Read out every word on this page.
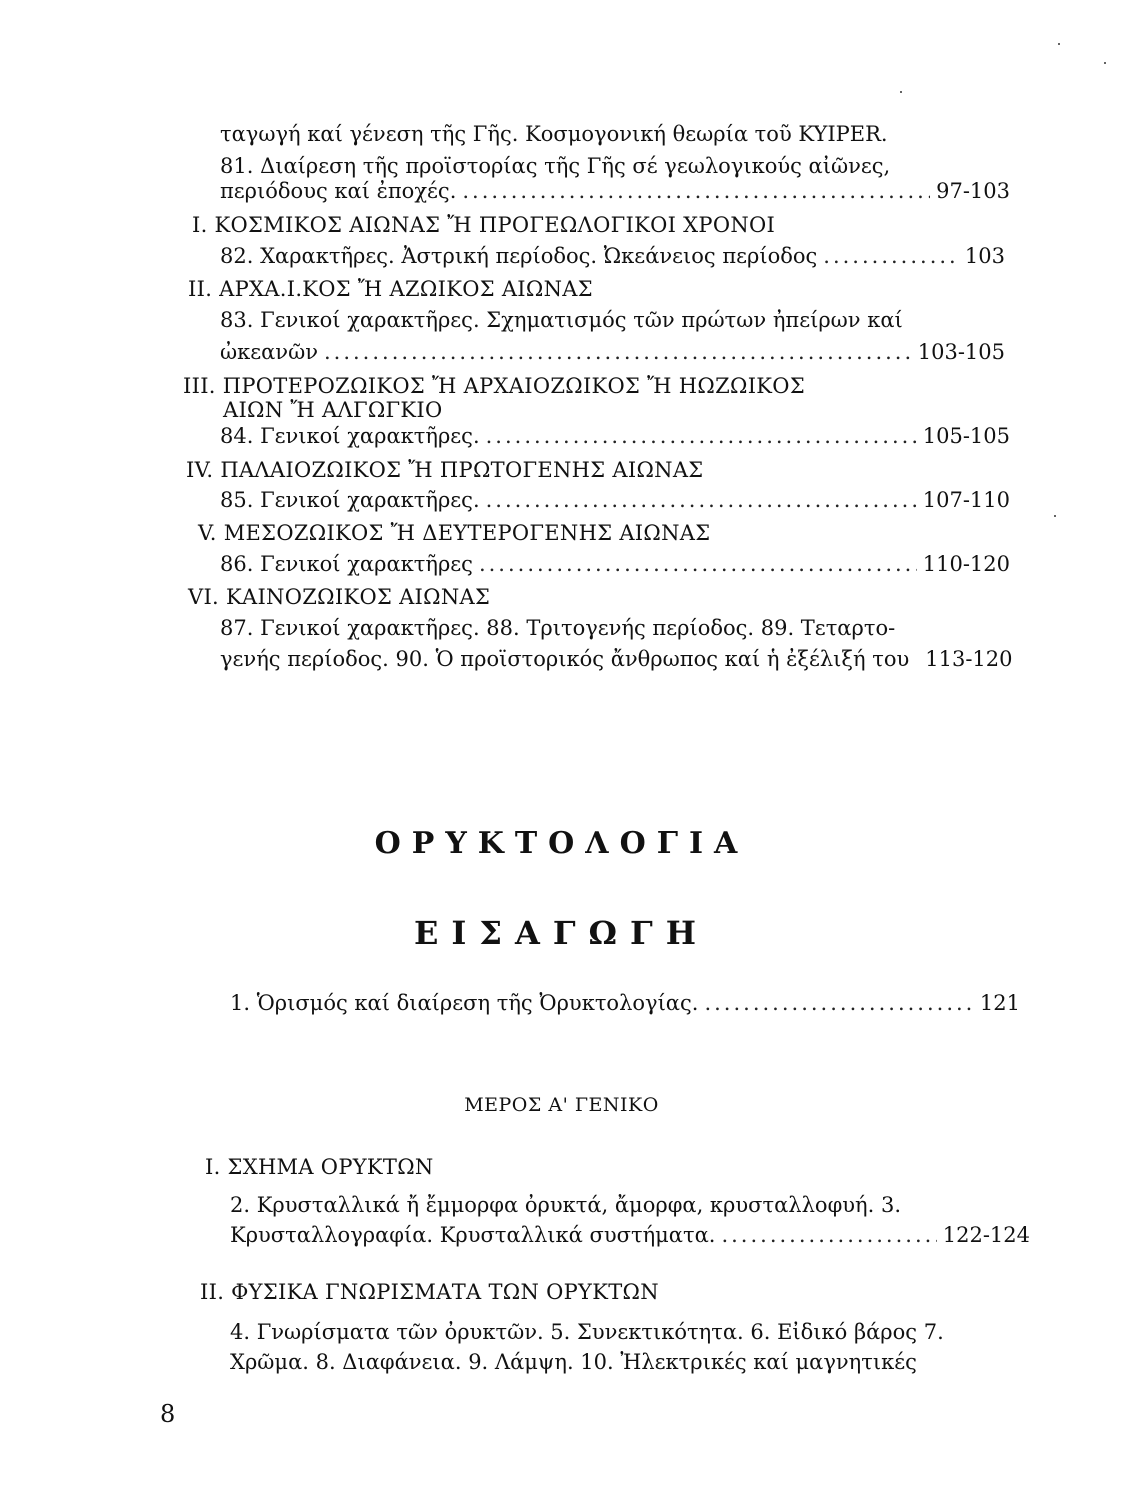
ταγωγή καί γένεση τῆς Γῆς. Κοσμογονική θεωρία τοῦ KYIPER.
81. Διαίρεση τῆς προϊστορίας τῆς Γῆς σέ γεωλογικούς αἰῶνες,
περιόδους καί ἐποχές. .....	97-103
I. ΚΟΣΜΙΚΟΣ ΑΙΩΝΑΣ Ἤ ΠΡΟΓΕΩΛΟΓΙΚΟΙ ΧΡΟΝΟΙ
82. Χαρακτῆρες. Ἀστρική περίοδος. Ὠκεάνειος περίοδος .....	103
II. ΑΡΧΑ.Ι.ΚΟΣ Ἤ ΑΖΩΙΚΟΣ ΑΙΩΝΑΣ
83. Γενικοί χαρακτῆρες. Σχηματισμός τῶν πρώτων ἠπείρων καί
ὠκεανῶν .....	103-105
III. ΠΡΟΤΕΡΟΖΩΙΚΟΣ Ἤ ΑΡΧΑΙΟΖΩΙΚΟΣ Ἤ ΗΩΖΩΙΚΟΣ
ΑΙΩΝ Ἤ ΑΛΓΩΓΚΙΟ
84. Γενικοί χαρακτῆρες. .....	105-105
IV. ΠΑΛΑΙΟΖΩΙΚΟΣ Ἤ ΠΡΩΤΟΓΕΝΗΣ ΑΙΩΝΑΣ
85. Γενικοί χαρακτῆρες. .....	107-110
V. ΜΕΣΟΖΩΙΚΟΣ Ἤ ΔΕΥΤΕΡΟΓΕΝΗΣ ΑΙΩΝΑΣ
86. Γενικοί χαρακτῆρες .....	110-120
VI. ΚΑΙΝΟΖΩΙΚΟΣ ΑΙΩΝΑΣ
87. Γενικοί χαρακτῆρες. 88. Τριτογενής περίοδος. 89. Τεταρτο-
γενής περίοδος. 90. Ὁ προϊστορικός ἄνθρωπος καί ἡ ἐξέλιξή του 113-120
ΟΡΥΚΤΟΛΟΓΙΑ
ΕΙΣΑΓΩΓΗ
1. Ὁρισμός καί διαίρεση τῆς Ὀρυκτολογίας. .....	121
ΜΕΡΟΣ Α' ΓΕΝΙΚΟ
I. ΣΧΗΜΑ ΟΡΥΚΤΩΝ
2. Κρυσταλλικά ἤ ἔμμορφα ὀρυκτά, ἄμορφα, κρυσταλλοφυή. 3.
Κρυσταλλογραφία. Κρυσταλλικά συστήματα. .....	122-124
II. ΦΥΣΙΚΑ ΓΝΩΡΙΣΜΑΤΑ ΤΩΝ ΟΡΥΚΤΩΝ
4. Γνωρίσματα τῶν ὀρυκτῶν. 5. Συνεκτικότητα. 6. Εἰδικό βάρος 7.
Χρῶμα. 8. Διαφάνεια. 9. Λάμψη. 10. Ἠλεκτρικές καί μαγνητικές
8
